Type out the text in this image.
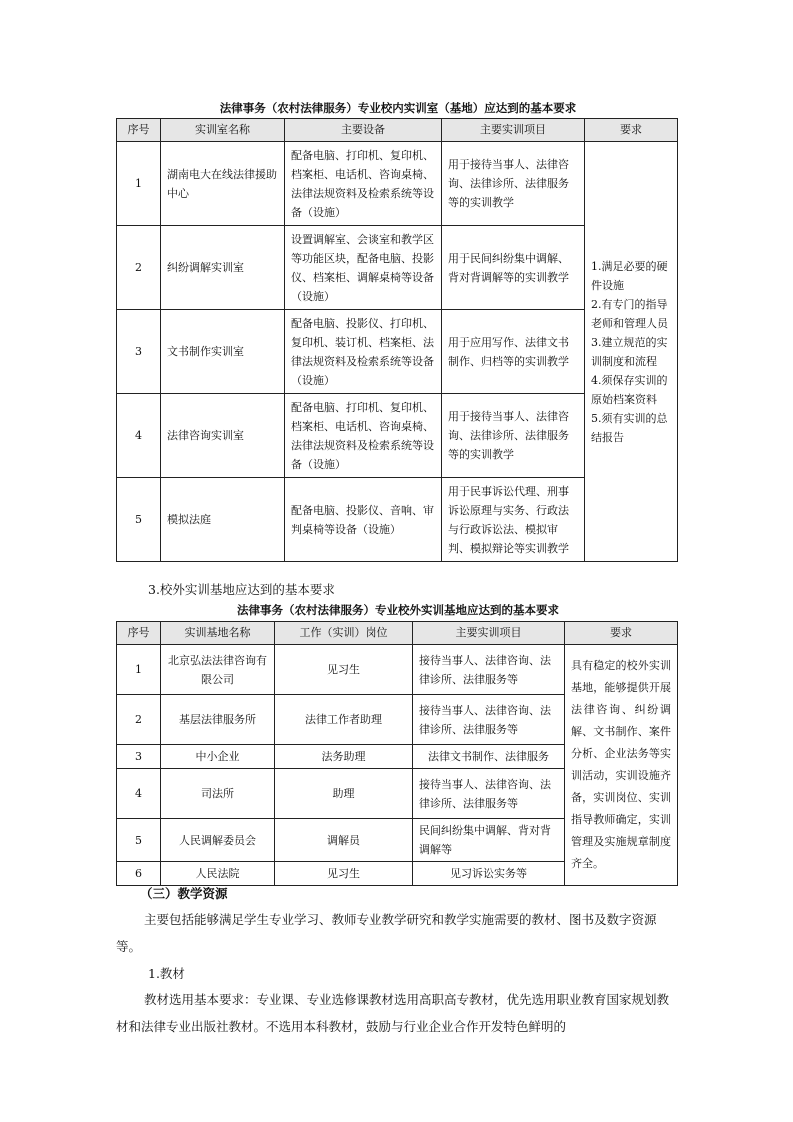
法律事务（农村法律服务）专业校内实训室（基地）应达到的基本要求
序号	实训室名称	主要设备	主要实训项目	要求
1	湖南电大在线法律援助中心	配备电脑、打印机、复印机、档案柜、电话机、咨询桌椅、法律法规资料及检索系统等设备（设施）	用于接待当事人、法律咨询、法律诊所、法律服务等的实训教学	1.满足必要的硬件设施
2.有专门的指导老师和管理人员
3.建立规范的实训制度和流程
4.须保存实训的原始档案资料
5.须有实训的总结报告
2	纠纷调解实训室	设置调解室、会谈室和教学区等功能区块，配备电脑、投影仪、档案柜、调解桌椅等设备（设施）	用于民间纠纷集中调解、背对背调解等的实训教学	
3	文书制作实训室	配备电脑、投影仪、打印机、复印机、装订机、档案柜、法律法规资料及检索系统等设备（设施）	用于应用写作、法律文书制作、归档等的实训教学	
4	法律咨询实训室	配备电脑、打印机、复印机、档案柜、电话机、咨询桌椅、法律法规资料及检索系统等设备（设施）	用于接待当事人、法律咨询、法律诊所、法律服务等的实训教学	
5	模拟法庭	配备电脑、投影仪、音响、审判桌椅等设备（设施）	用于民事诉讼代理、刑事诉讼原理与实务、行政法与行政诉讼法、模拟审判、模拟辩论等实训教学	
3.校外实训基地应达到的基本要求
法律事务（农村法律服务）专业校外实训基地应达到的基本要求
序号	实训基地名称	工作（实训）岗位	主要实训项目	要求
1	北京弘法法律咨询有限公司	见习生	接待当事人、法律咨询、法律诊所、法律服务等	具有稳定的校外实训基地，能够提供开展法律咨询、纠纷调解、文书制作、案件分析、企业法务等实训活动，实训设施齐备，实训岗位、实训指导教师确定，实训管理及实施规章制度齐全。
2	基层法律服务所	法律工作者助理	接待当事人、法律咨询、法律诊所、法律服务等	
3	中小企业	法务助理	法律文书制作、法律服务	
4	司法所	助理	接待当事人、法律咨询、法律诊所、法律服务等	
5	人民调解委员会	调解员	民间纠纷集中调解、背对背调解等	
6	人民法院	见习生	见习诉讼实务等	
（三）教学资源
主要包括能够满足学生专业学习、教师专业教学研究和教学实施需要的教材、图书及数字资源等。
1.教材
教材选用基本要求：专业课、专业选修课教材选用高职高专教材，优先选用职业教育国家规划教材和法律专业出版社教材。不选用本科教材，鼓励与行业企业合作开发特色鲜明的
